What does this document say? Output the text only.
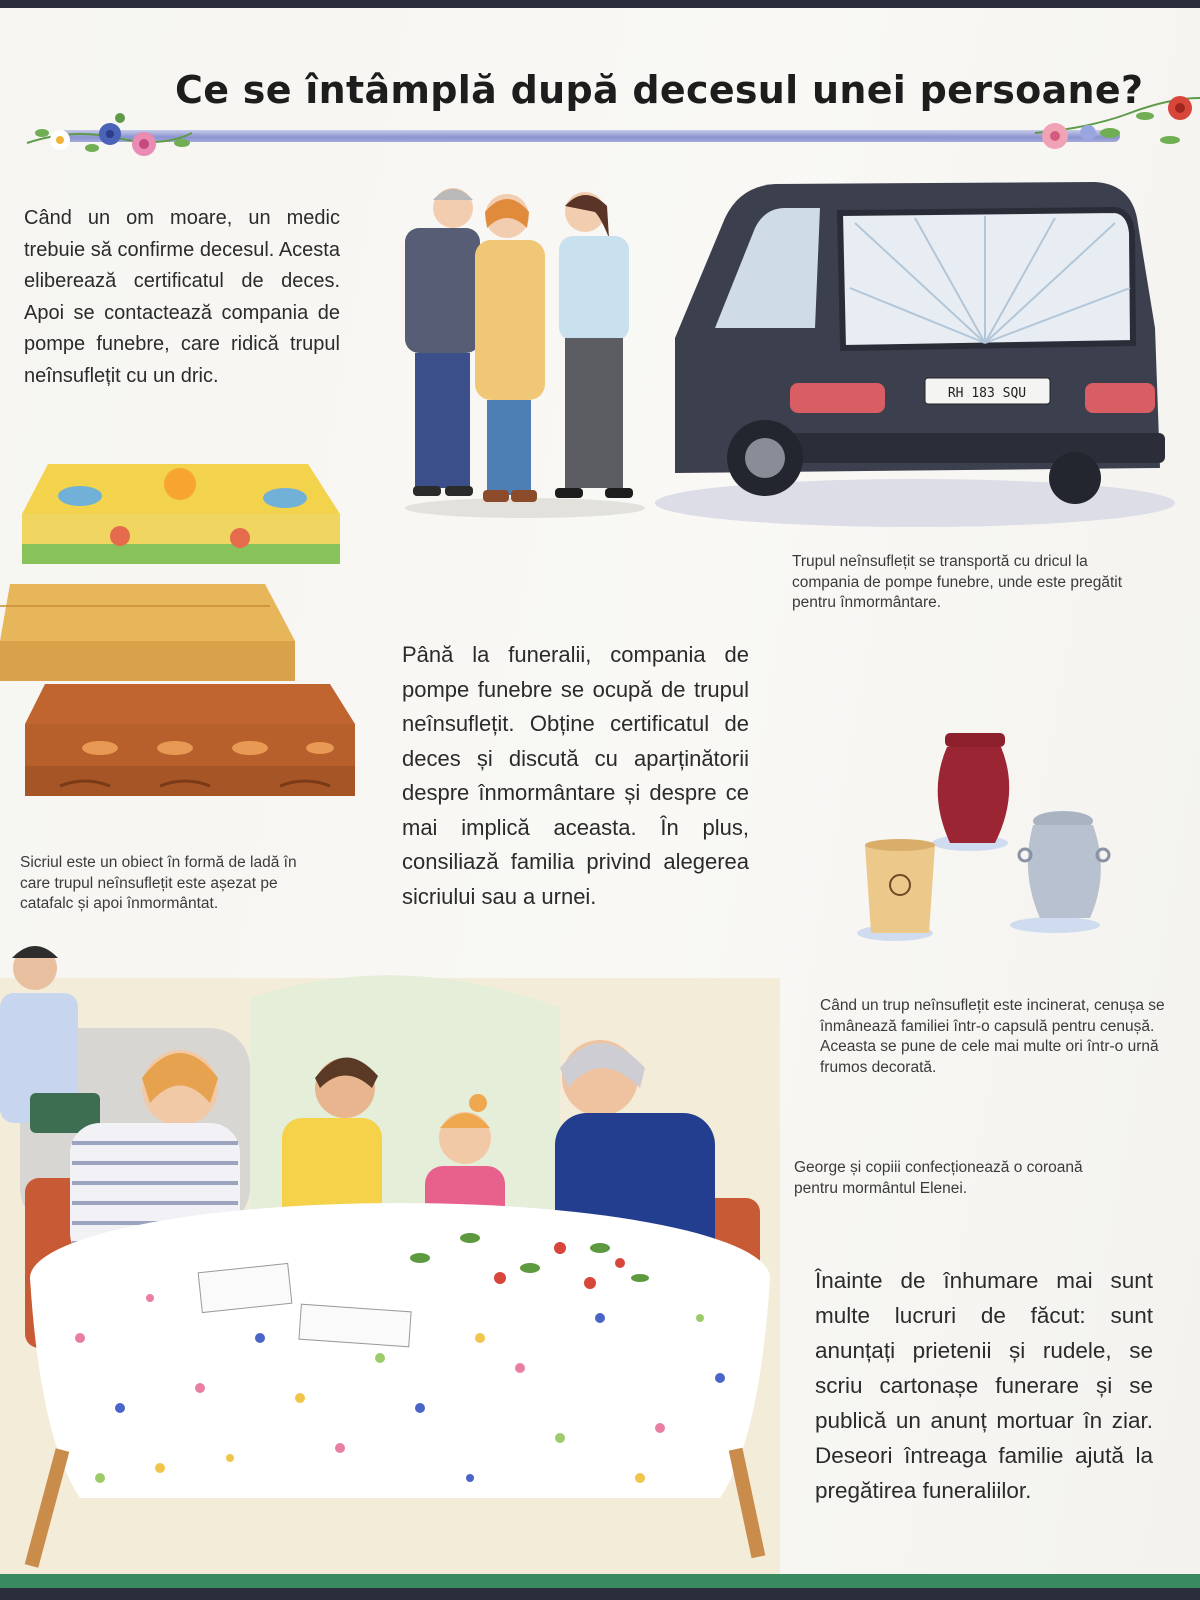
Ce se întâmplă după decesul unei persoane?

Când un om moare, un medic trebuie să confirme decesul. Acesta eliberează certificatul de deces. Apoi se contactează compania de pompe funebre, care ridică trupul neînsuflețit cu un dric.

RH 183 SQU

Trupul neînsuflețit se transportă cu dricul la compania de pompe funebre, unde este pregătit pentru înmormântare.

Sicriul este un obiect în formă de ladă în care trupul neînsuflețit este așezat pe catafalc și apoi înmormântat.

Până la funeralii, compania de pompe funebre se ocupă de trupul neînsuflețit. Obține certificatul de deces și discută cu aparținătorii despre înmormântare și despre ce mai implică aceasta. În plus, consiliază familia privind alegerea sicriului sau a urnei.

Când un trup neînsuflețit este incinerat, cenușa se înmânează familiei într-o capsulă pentru cenușă. Aceasta se pune de cele mai multe ori într-o urnă frumos decorată.

George și copiii confecționează o coroană pentru mormântul Elenei.

Înainte de înhumare mai sunt multe lucruri de făcut: sunt anunțați prietenii și rudele, se scriu cartonașe funerare și se publică un anunț mortuar în ziar. Deseori întreaga familie ajută la pregătirea funeraliilor.
